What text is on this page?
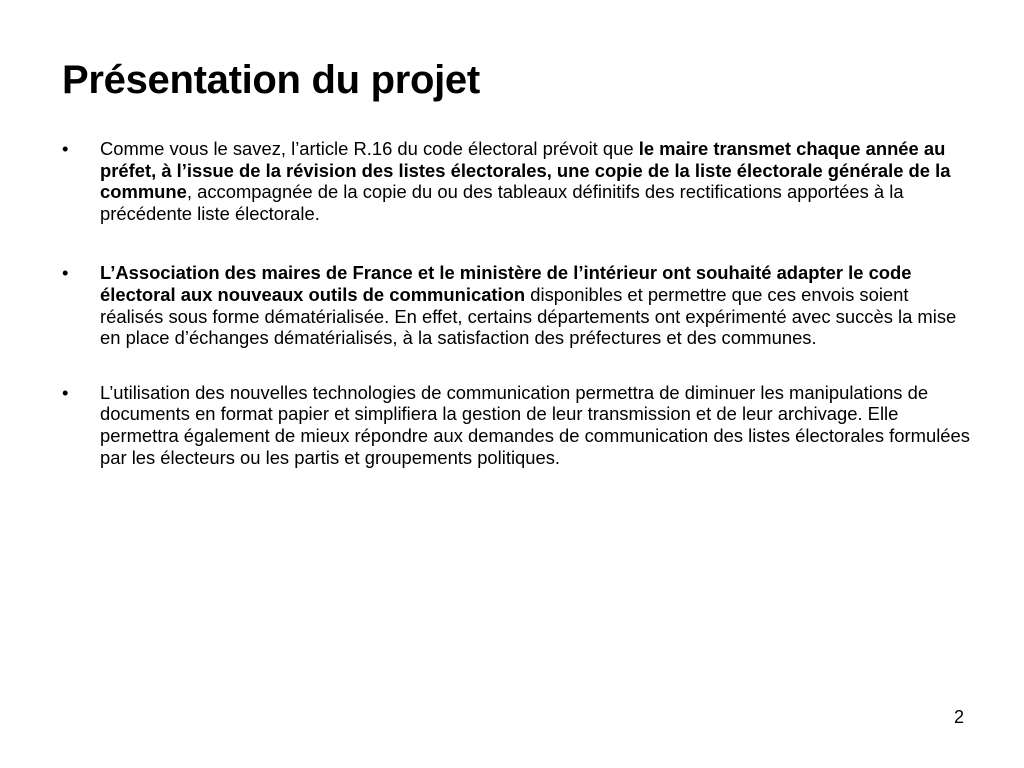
Présentation du projet
• Comme vous le savez, l’article R.16 du code électoral prévoit que le maire transmet chaque année au préfet, à l’issue de la révision des listes électorales, une copie de la liste électorale générale de la commune, accompagnée de la copie du ou des tableaux définitifs des rectifications apportées à la précédente liste électorale.
• L’Association des maires de France et le ministère de l’intérieur ont souhaité adapter le code électoral aux nouveaux outils de communication disponibles et permettre que ces envois soient réalisés sous forme dématérialisée. En effet, certains départements ont expérimenté avec succès la mise en place d’échanges dématérialisés, à la satisfaction des préfectures et des communes.
• L’utilisation des nouvelles technologies de communication permettra de diminuer les manipulations de documents en format papier et simplifiera la gestion de leur transmission et de leur archivage. Elle permettra également de mieux répondre aux demandes de communication des listes électorales formulées par les électeurs ou les partis et groupements politiques.
2
